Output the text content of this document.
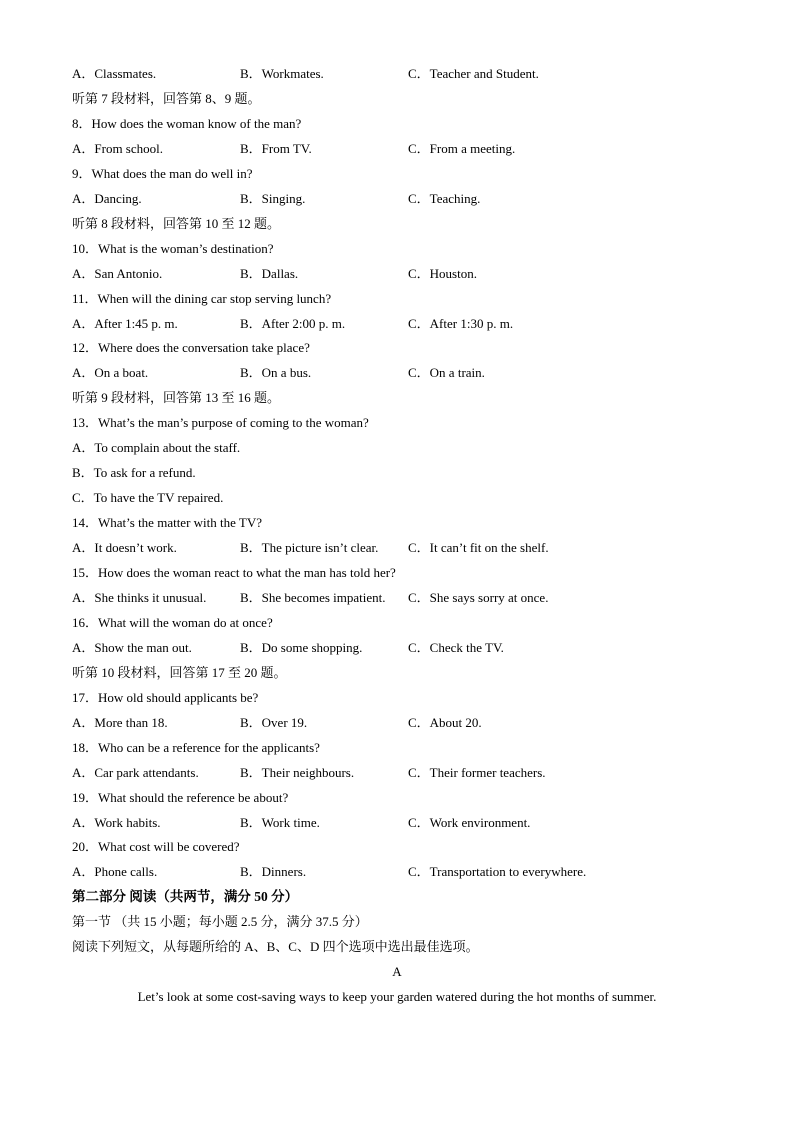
A．Classmates.	B．Workmates.	C．Teacher and Student.
听第 7 段材料，回答第 8、9 题。
8．How does the woman know of the man?
A．From school.	B．From TV.	C．From a meeting.
9．What does the man do well in?
A．Dancing.	B．Singing.	C．Teaching.
听第 8 段材料，回答第 10 至 12 题。
10．What is the woman’s destination?
A．San Antonio.	B．Dallas.	C．Houston.
11．When will the dining car stop serving lunch?
A．After 1:45 p. m.	B．After 2:00 p. m.	C．After 1:30 p. m.
12．Where does the conversation take place?
A．On a boat.	B．On a bus.	C．On a train.
听第 9 段材料，回答第 13 至 16 题。
13．What’s the man’s purpose of coming to the woman?
A．To complain about the staff.
B．To ask for a refund.
C．To have the TV repaired.
14．What’s the matter with the TV?
A．It doesn’t work.	B．The picture isn’t clear. C．It can’t fit on the shelf.
15．How does the woman react to what the man has told her?
A．She thinks it unusual.	B．She becomes impatient. C．She says sorry at once.
16．What will the woman do at once?
A．Show the man out.	B．Do some shopping.	C．Check the TV.
听第 10 段材料，回答第 17 至 20 题。
17．How old should applicants be?
A．More than 18.	B．Over 19.	C．About 20.
18．Who can be a reference for the applicants?
A．Car park attendants.	B．Their neighbours.	C．Their former teachers.
19．What should the reference be about?
A．Work habits.	B．Work time.	C．Work environment.
20．What cost will be covered?
A．Phone calls.	B．Dinners.	C．Transportation to everywhere.
第二部分 阅读（共两节，满分 50 分）
第一节 （共 15 小题；每小题 2.5 分，满分 37.5 分）
阅读下列短文，从每题所给的 A、B、C、D 四个选项中选出最佳选项。
A
Let’s look at some cost-saving ways to keep your garden watered during the hot months of summer.
